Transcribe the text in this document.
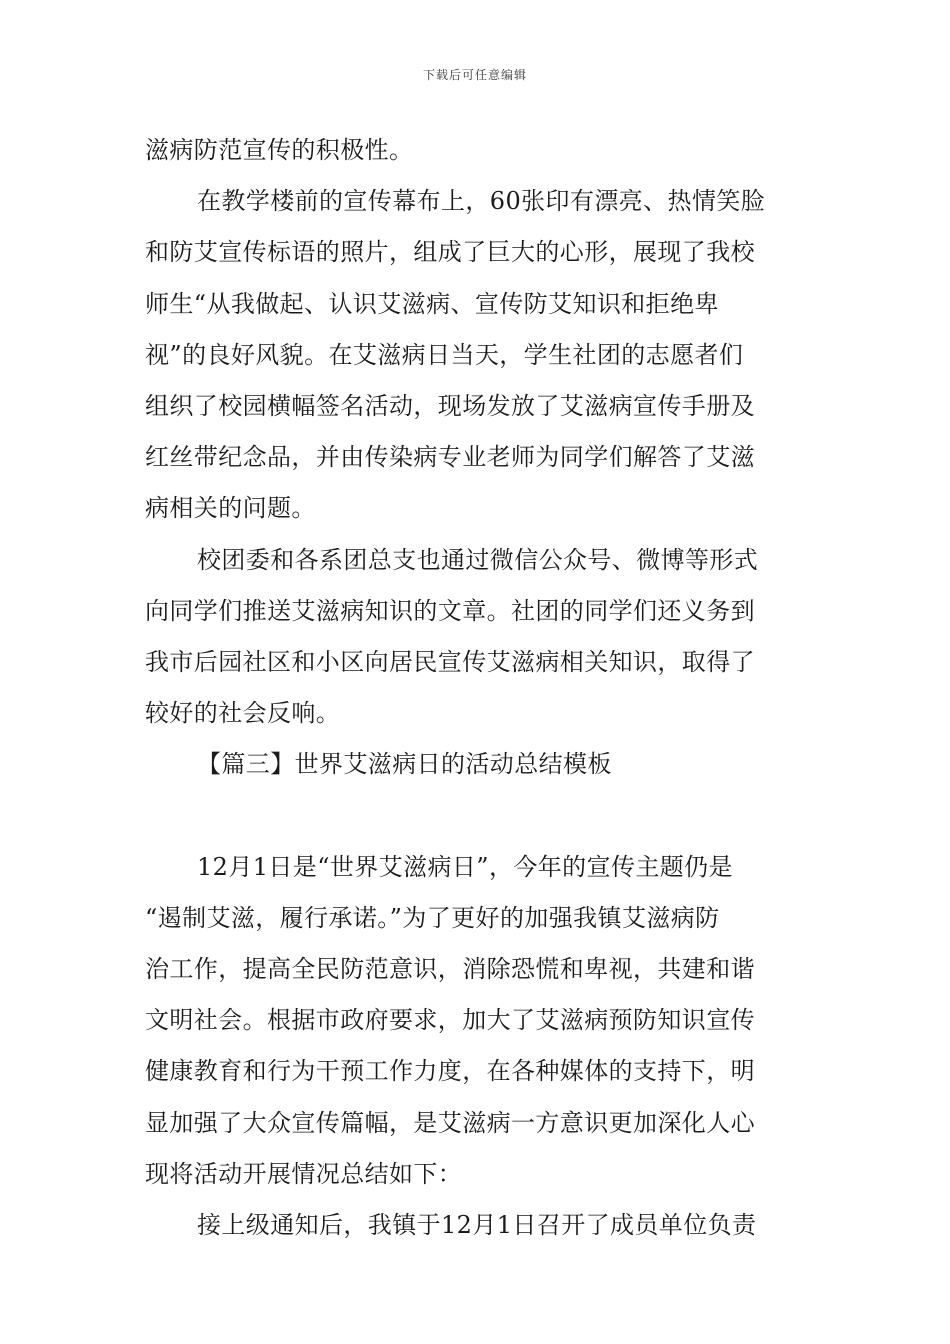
下载后可任意编辑
滋病防范宣传的积极性。
在教学楼前的宣传幕布上，60张印有漂亮、热情笑脸
和防艾宣传标语的照片，组成了巨大的心形，展现了我校
师生“从我做起、认识艾滋病、宣传防艾知识和拒绝卑
视”的良好风貌。在艾滋病日当天，学生社团的志愿者们
组织了校园横幅签名活动，现场发放了艾滋病宣传手册及
红丝带纪念品，并由传染病专业老师为同学们解答了艾滋
病相关的问题。
校团委和各系团总支也通过微信公众号、微博等形式
向同学们推送艾滋病知识的文章。社团的同学们还义务到
我市后园社区和小区向居民宣传艾滋病相关知识，取得了
较好的社会反响。
【篇三】世界艾滋病日的活动总结模板
12月1日是“世界艾滋病日”，今年的宣传主题仍是
“遏制艾滋，履行承诺。”为了更好的加强我镇艾滋病防
治工作，提高全民防范意识，消除恐慌和卑视，共建和谐
文明社会。根据市政府要求，加大了艾滋病预防知识宣传
健康教育和行为干预工作力度，在各种媒体的支持下，明
显加强了大众宣传篇幅，是艾滋病一方意识更加深化人心
现将活动开展情况总结如下：
接上级通知后，我镇于12月1日召开了成员单位负责
